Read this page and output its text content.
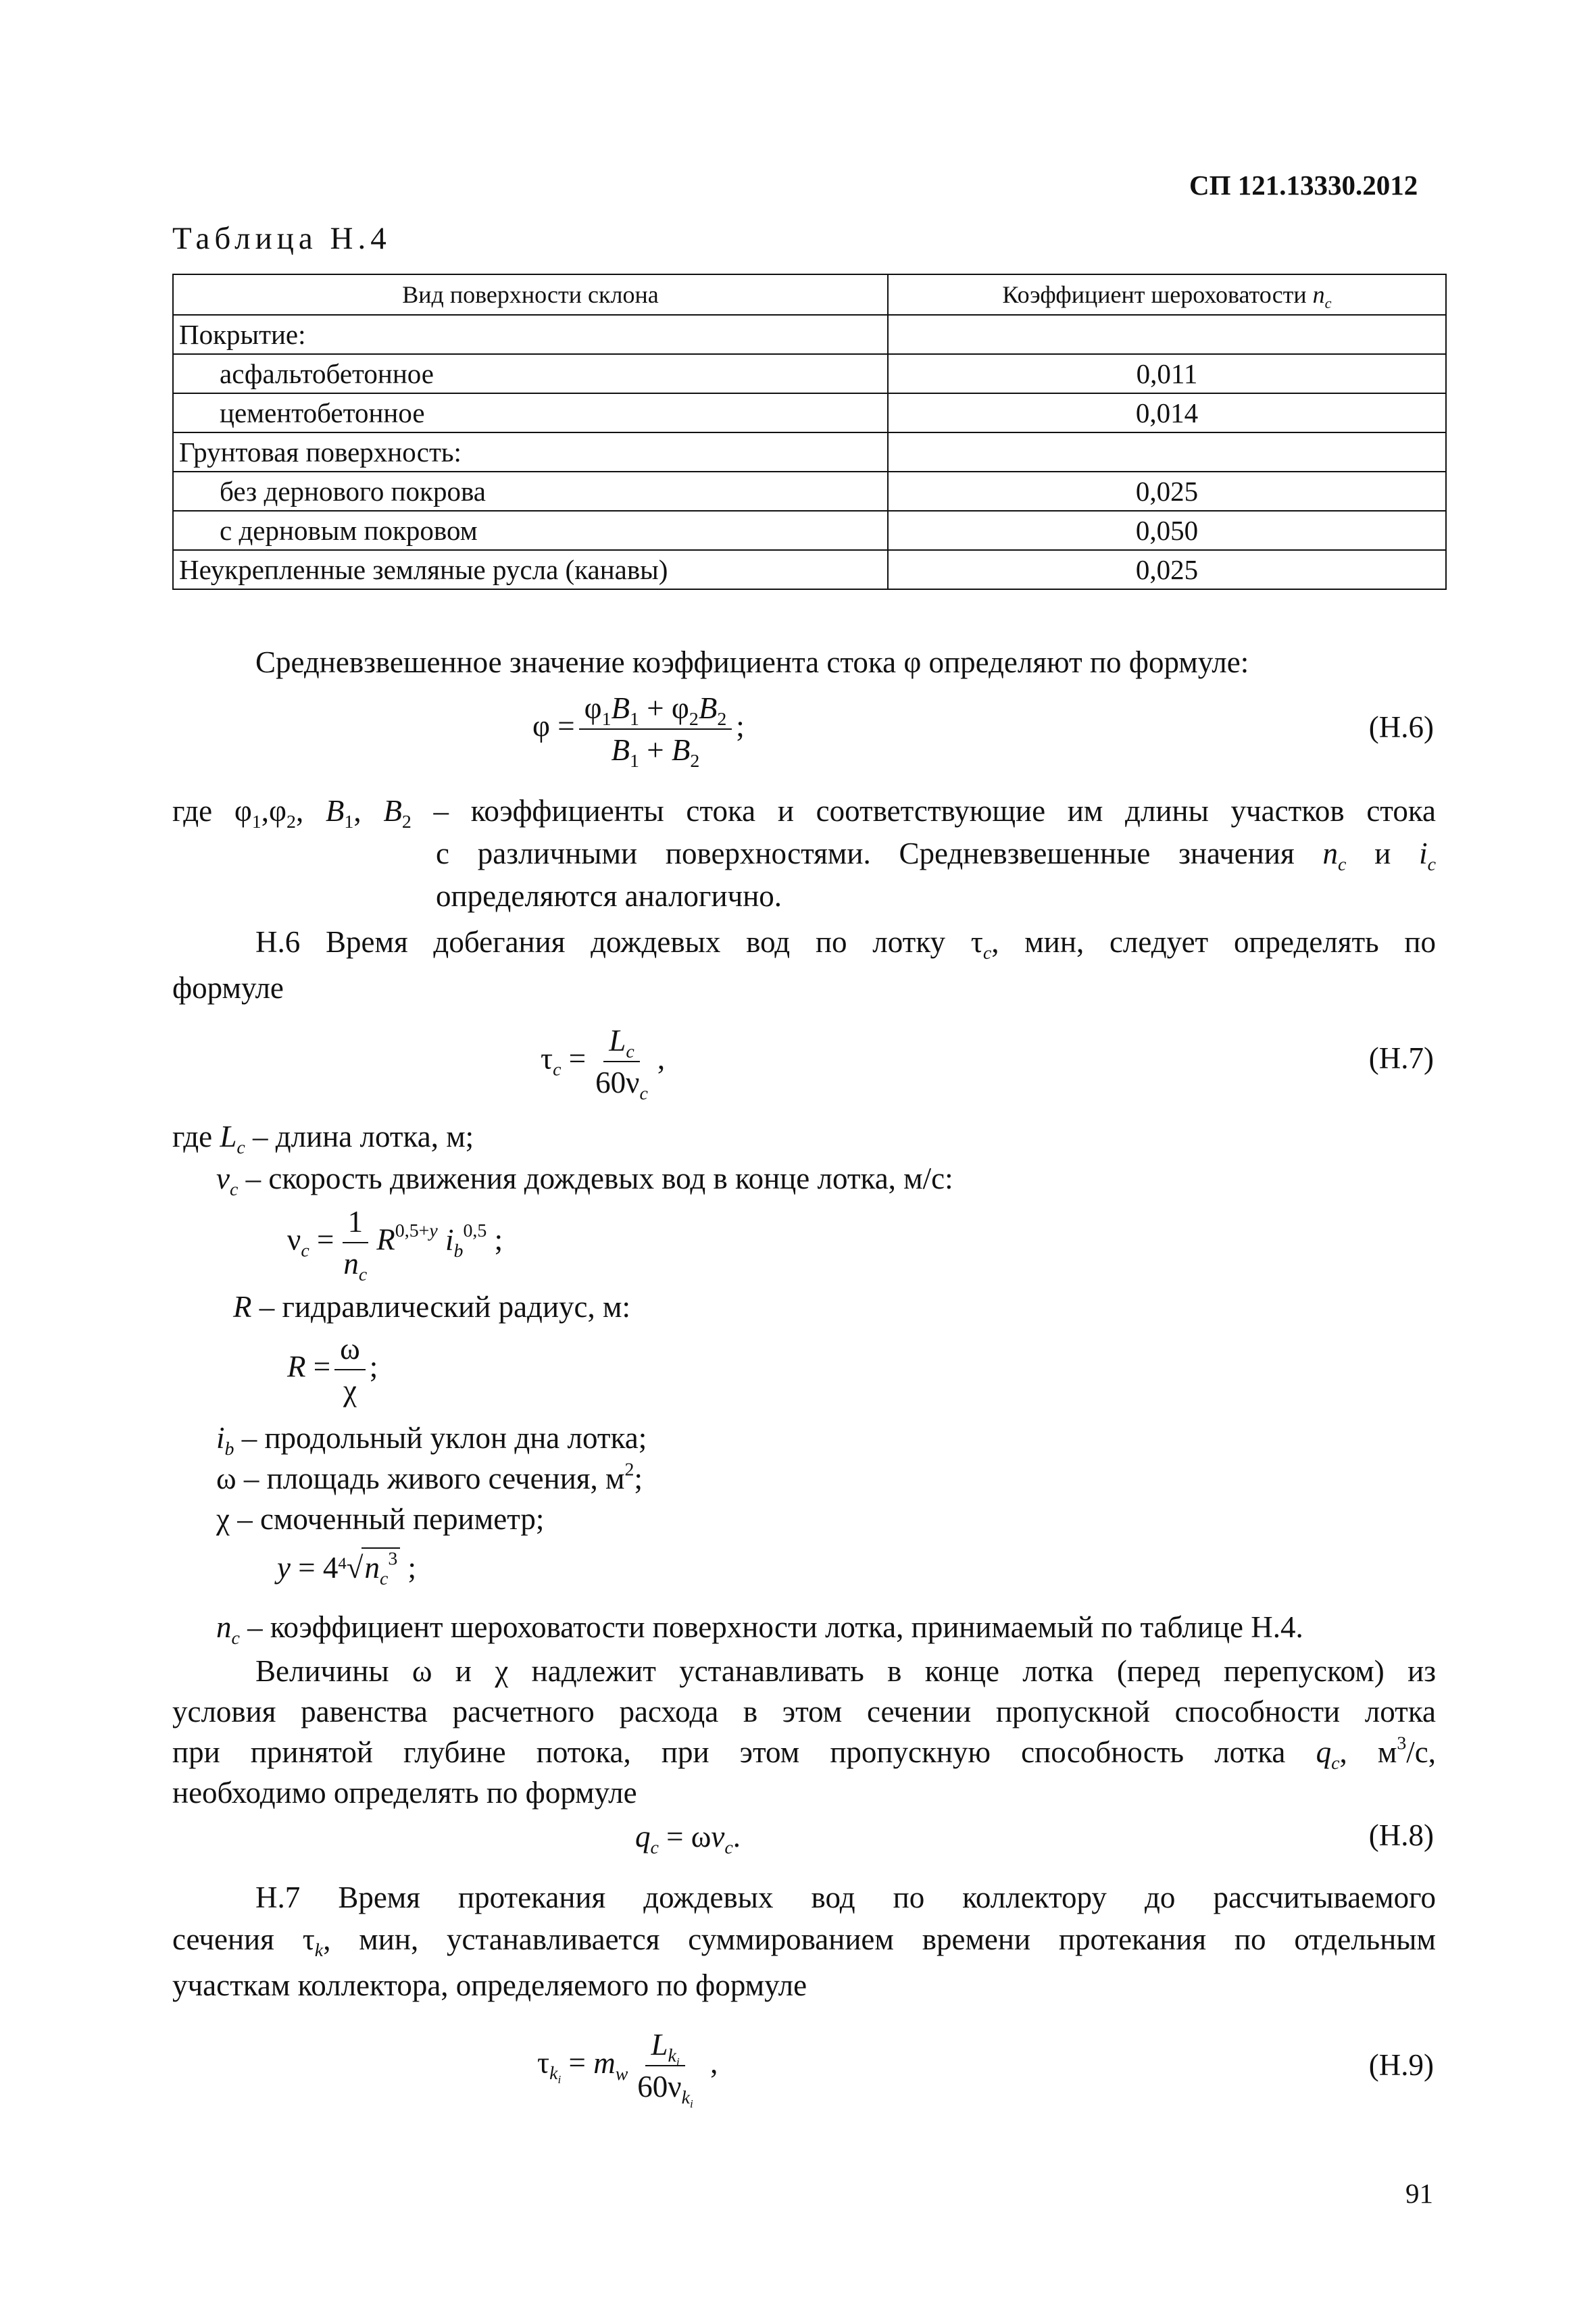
СП 121.13330.2012
Таблица Н.4
Вид поверхности склона	Коэффициент шероховатости $n_c$
Покрытие:	
асфальтобетонное	0,011
цементобетонное	0,014
Грунтовая поверхность:	
без дернового покрова	0,025
с дерновым покровом	0,050
Неукрепленные земляные русла (канавы)	0,025
Средневзвешенное значение коэффициента стока φ определяют по формуле:
$\varphi = \frac{\varphi_1B_1 + \varphi_2B_2}{B_1 + B_2}$ ;	(Н.6)
где $\varphi_1,\varphi_2$, $B_1$, $B_2$ – коэффициенты стока и соответствующие им длины участков стока
с различными поверхностями. Средневзвешенные значения $n_c$ и $i_c$
определяются аналогично.
Н.6 Время добегания дождевых вод по лотку $\tau_c$, мин, следует определять по
формуле
$\tau_c = \frac{L_c}{60\nu_c}$ ,	(Н.7)
где $L_c$ – длина лотка, м;
$v_c$ – скорость движения дождевых вод в конце лотка, м/с:
$\nu_c = \frac{1}{n_c} R^{0,5+y}$ $i_b^{0,5}$ ;
R – гидравлический радиус, м:
$R = \frac{\omega}{\chi}$ ;
$i_b$ – продольный уклон дна лотка;
ω – площадь живого сечения, $м^2$;
χ – смоченный периметр;
$y = 4^4√n_c^3$ ;
$n_c$ – коэффициент шероховатости поверхности лотка, принимаемый по таблице Н.4.
Величины ω и χ надлежит устанавливать в конце лотка (перед перепуском) из
условия равенства расчетного расхода в этом сечении пропускной способности лотка
при принятой глубине потока, при этом пропускную способность лотка $q_c$, $м^3/с$,
необходимо определять по формуле
$q_c = \omega v_c$.	(Н.8)
Н.7 Время протекания дождевых вод по коллектору до рассчитываемого
сечения $\tau_k$, мин, устанавливается суммированием времени протекания по отдельным
участкам коллектора, определяемого по формуле
$\tau_{k_i} = m_w \frac{L_{k_i}}{60\nu_{k_i}}$ ,	(Н.9)
91
